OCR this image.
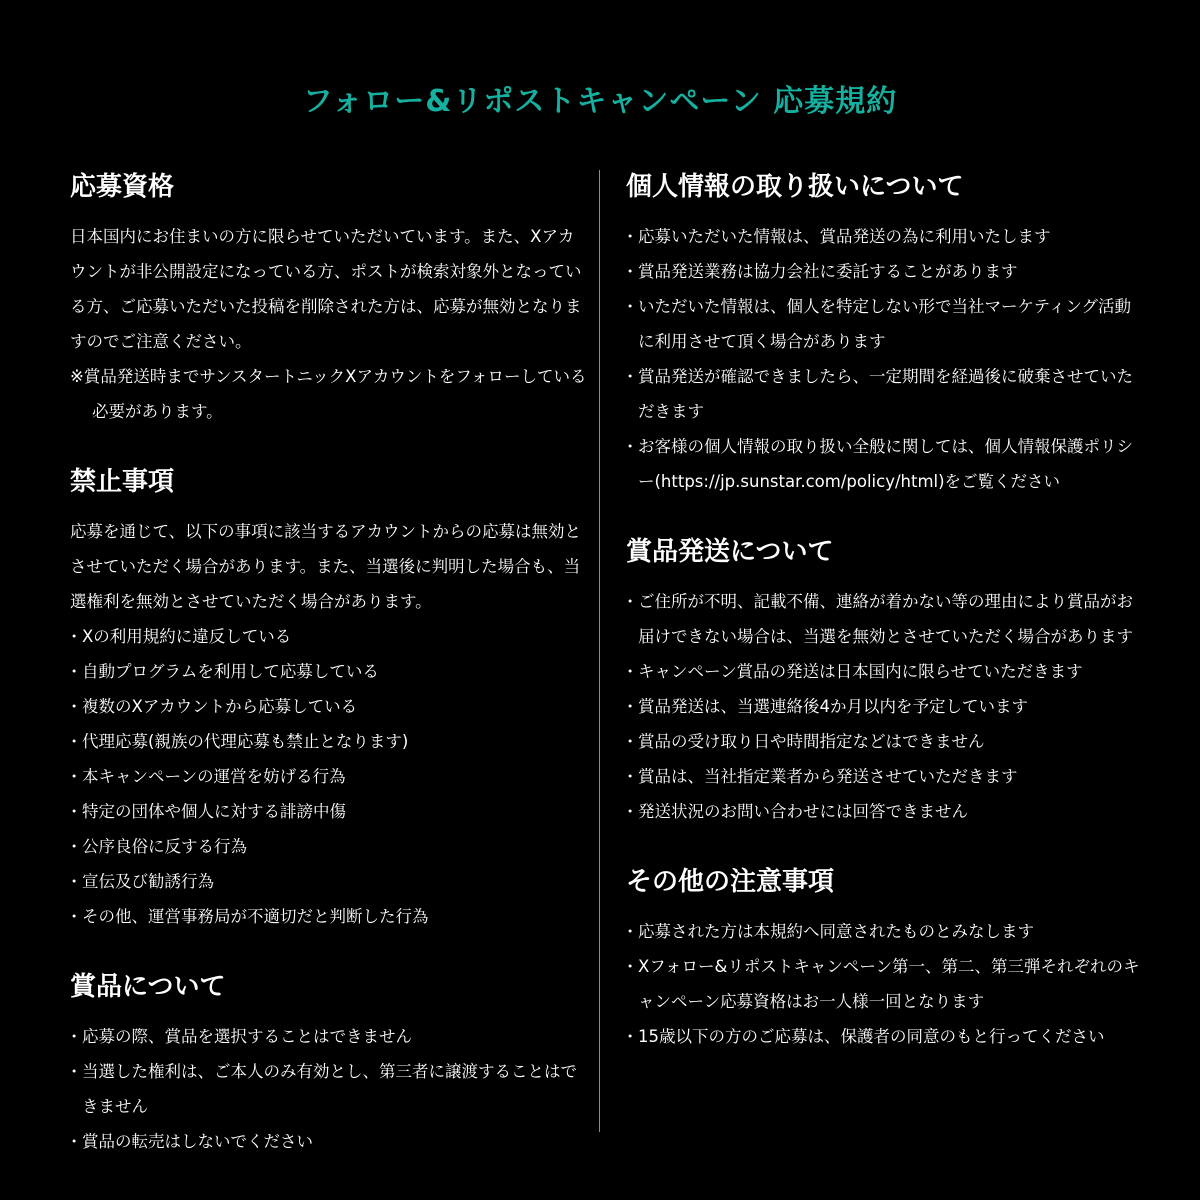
フォロー&リポストキャンペーン 応募規約
応募資格

日本国内にお住まいの方に限らせていただいています。また、Xアカウントが非公開設定になっている方、ポストが検索対象外となっている方、ご応募いただいた投稿を削除された方は、応募が無効となりますのでご注意ください。

※賞品発送時までサンスタートニックXアカウントをフォローしている必要があります。

禁止事項

応募を通じて、以下の事項に該当するアカウントからの応募は無効とさせていただく場合があります。また、当選後に判明した場合も、当選権利を無効とさせていただく場合があります。

･ Xの利用規約に違反している

･ 自動プログラムを利用して応募している

･ 複数のXアカウントから応募している

･ 代理応募(親族の代理応募も禁止となります)

･ 本キャンペーンの運営を妨げる行為

･ 特定の団体や個人に対する誹謗中傷

･ 公序良俗に反する行為

･ 宣伝及び勧誘行為

･ その他、運営事務局が不適切だと判断した行為

賞品について

･ 応募の際、賞品を選択することはできません

･ 当選した権利は、ご本人のみ有効とし、第三者に譲渡することはできません

･ 賞品の転売はしないでください

個人情報の取り扱いについて

･ 応募いただいた情報は、賞品発送の為に利用いたします

･ 賞品発送業務は協力会社に委託することがあります

･ いただいた情報は、個人を特定しない形で当社マーケティング活動に利用させて頂く場合があります

･ 賞品発送が確認できましたら、一定期間を経過後に破棄させていただきます

･ お客様の個人情報の取り扱い全般に関しては、個人情報保護ポリシー(https://jp.sunstar.com/policy/html)をご覧ください

賞品発送について

･ ご住所が不明、記載不備、連絡が着かない等の理由により賞品がお届けできない場合は、当選を無効とさせていただく場合があります

･ キャンペーン賞品の発送は日本国内に限らせていただきます

･ 賞品発送は、当選連絡後4か月以内を予定しています

･ 賞品の受け取り日や時間指定などはできません

･ 賞品は、当社指定業者から発送させていただきます

･ 発送状況のお問い合わせには回答できません

その他の注意事項

･ 応募された方は本規約へ同意されたものとみなします

･ Xフォロー&リポストキャンペーン第一、第二、第三弾それぞれのキャンペーン応募資格はお一人様一回となります

･ 15歳以下の方のご応募は、保護者の同意のもと行ってください
